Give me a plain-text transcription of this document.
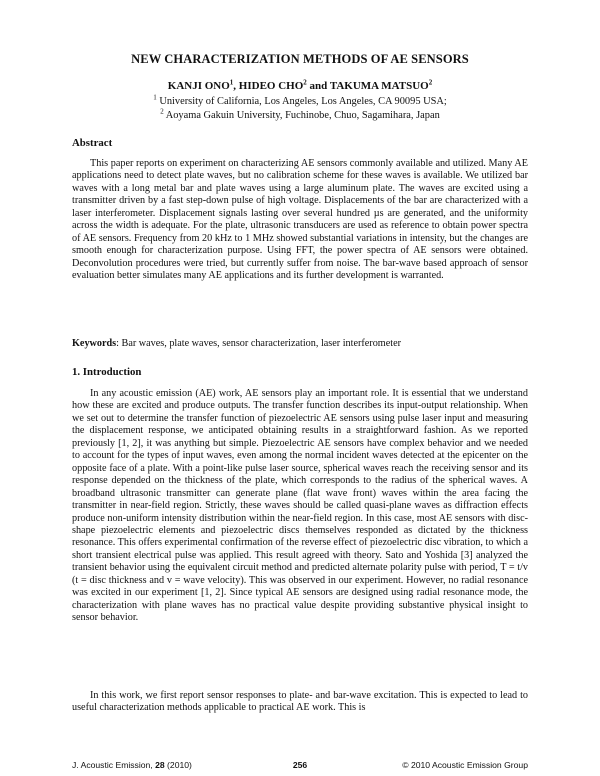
NEW CHARACTERIZATION METHODS OF AE SENSORS
KANJI ONO$^1$, HIDEO CHO$^2$ and TAKUMA MATSUO$^2$
$^1$ University of California, Los Angeles, Los Angeles, CA 90095 USA;
$^2$ Aoyama Gakuin University, Fuchinobe, Chuo, Sagamihara, Japan
Abstract

This paper reports on experiment on characterizing AE sensors commonly available and utilized. Many AE applications need to detect plate waves, but no calibration scheme for these waves is available. We utilized bar waves with a long metal bar and plate waves using a large aluminum plate. The waves are excited using a transmitter driven by a fast step-down pulse of high voltage. Displacements of the bar are characterized with a laser interferometer. Displacement signals lasting over several hundred µs are generated, and the uniformity across the width is adequate. For the plate, ultrasonic transducers are used as reference to obtain power spectra of AE sensors. Frequency from 20 kHz to 1 MHz showed substantial variations in intensity, but the changes are smooth enough for characterization purpose. Using FFT, the power spectra of AE sensors were obtained. Deconvolution procedures were tried, but currently suffer from noise. The bar-wave based approach of sensor evaluation better simulates many AE applications and its further development is warranted.

Keywords: Bar waves, plate waves, sensor characterization, laser interferometer

1. Introduction

In any acoustic emission (AE) work, AE sensors play an important role. It is essential that we understand how these are excited and produce outputs. The transfer function describes its input-output relationship. When we set out to determine the transfer function of piezoelectric AE sensors using pulse laser input and measuring the displacement response, we anticipated obtaining results in a straightforward fashion. As we reported previously [1, 2], it was anything but simple. Piezoelectric AE sensors have complex behavior and we needed to account for the types of input waves, even among the normal incident waves detected at the epicenter on the opposite face of a plate. With a point-like pulse laser source, spherical waves reach the receiving sensor and its response depended on the thickness of the plate, which corresponds to the radius of the spherical waves. A broadband ultrasonic transmitter can generate plane (flat wave front) waves within the area facing the transmitter in near-field region. Strictly, these waves should be called quasi-plane waves as diffraction effects produce non-uniform intensity distribution within the near-field region. In this case, most AE sensors with disc-shape piezoelectric elements and piezoelectric discs themselves responded as dictated by the thickness resonance. This offers experimental confirmation of the reverse effect of piezoelectric disc vibration, to which a short transient electrical pulse was applied. This result agreed with theory. Sato and Yoshida [3] analyzed the transient behavior using the equivalent circuit method and predicted alternate polarity pulse with period, T = t/v (t = disc thickness and v = wave velocity). This was observed in our experiment. However, no radial resonance was excited in our experiment [1, 2]. Since typical AE sensors are designed using radial resonance mode, the characterization with plane waves has no practical value despite providing substantive physical insight to sensor behavior.

In this work, we first report sensor responses to plate- and bar-wave excitation. This is expected to lead to useful characterization methods applicable to practical AE work. This is

J. Acoustic Emission, 28 (2010)	256	© 2010 Acoustic Emission Group
